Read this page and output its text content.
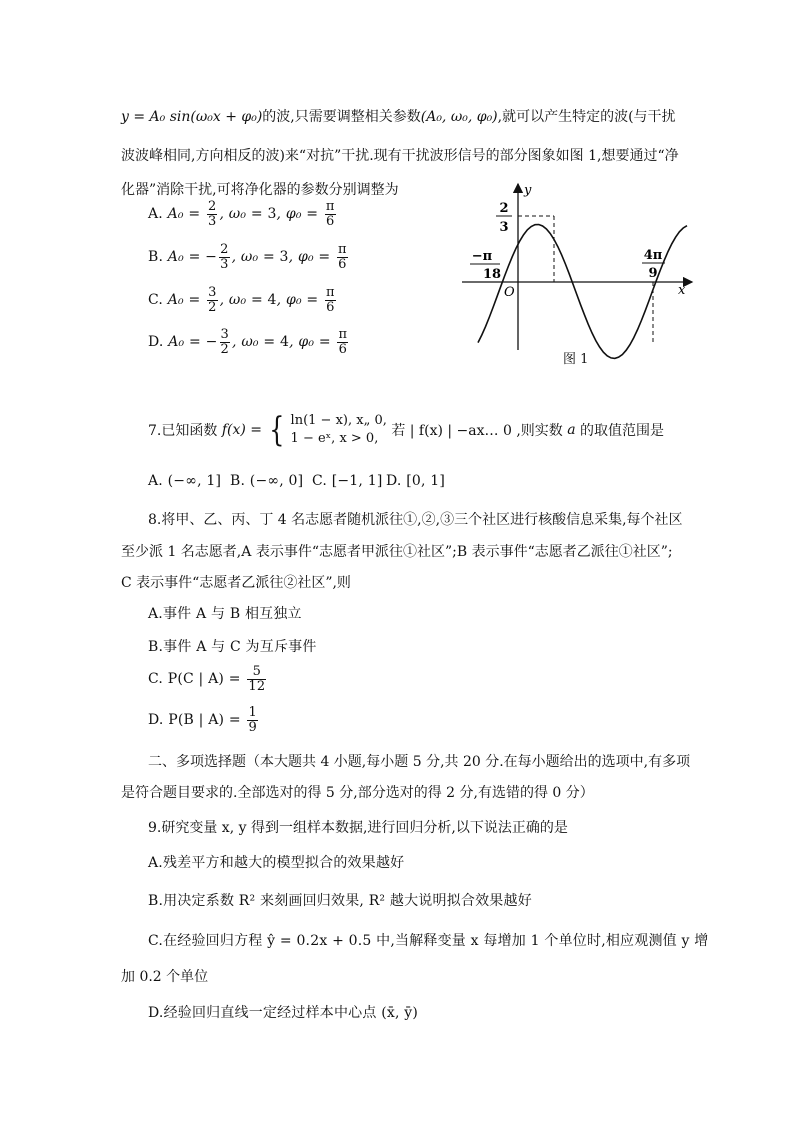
y = A₀ sin(ω₀x + φ₀)的波,只需要调整相关参数(A₀, ω₀, φ₀),就可以产生特定的波(与干扰
波波峰相同,方向相反的波)来“对抗”干扰.现有干扰波形信号的部分图象如图 1,想要通过“净
化器”消除干扰,可将净化器的参数分别调整为
A. $A_0 = \frac{2}{3}$ , ω₀ = 3, $\varphi_0 = \frac{\pi}{6}$
B. A₀ = − $\frac{2}{3}$ , ω₀ = 3, $\varphi_0 = \frac{\pi}{6}$
C. $A_0 = \frac{3}{2}$ , ω₀ = 4, $\varphi_0 = \frac{\pi}{6}$
D. A₀ = − $\frac{3}{2}$ , ω₀ = 4, $\varphi_0 = \frac{\pi}{6}$
y
x
O
2
3
−π
18
4π
9
图 1
7.已知函数 f(x) = { ln(1 − x), x„ 0,
1 − eˣ, x > 0, 若 | f(x) | −ax… 0 ,则实数 a 的取值范围是
A. (−∞, 1] B. (−∞, 0] C. [−1, 1] D. [0, 1]
8.将甲、乙、丙、丁 4 名志愿者随机派往①,②,③三个社区进行核酸信息采集,每个社区
至少派 1 名志愿者,A 表示事件“志愿者甲派往①社区”;B 表示事件“志愿者乙派往①社区”;
C 表示事件“志愿者乙派往②社区”,则
A.事件 A 与 B 相互独立
B.事件 A 与 C 为互斥事件
C. P(C | $A) = \frac{5}{12}$
D. P(B | $A) = \frac{1}{9}$
二、多项选择题（本大题共 4 小题,每小题 5 分,共 20 分.在每小题给出的选项中,有多项
是符合题目要求的.全部选对的得 5 分,部分选对的得 2 分,有选错的得 0 分）
9.研究变量 x, y 得到一组样本数据,进行回归分析,以下说法正确的是
A.残差平方和越大的模型拟合的效果越好
B.用决定系数 R² 来刻画回归效果, R² 越大说明拟合效果越好
C.在经验回归方程 ŷ = 0.2x + 0.5 中,当解释变量 x 每增加 1 个单位时,相应观测值 y 增
加 0.2 个单位
D.经验回归直线一定经过样本中心点 (x̄, ȳ)
